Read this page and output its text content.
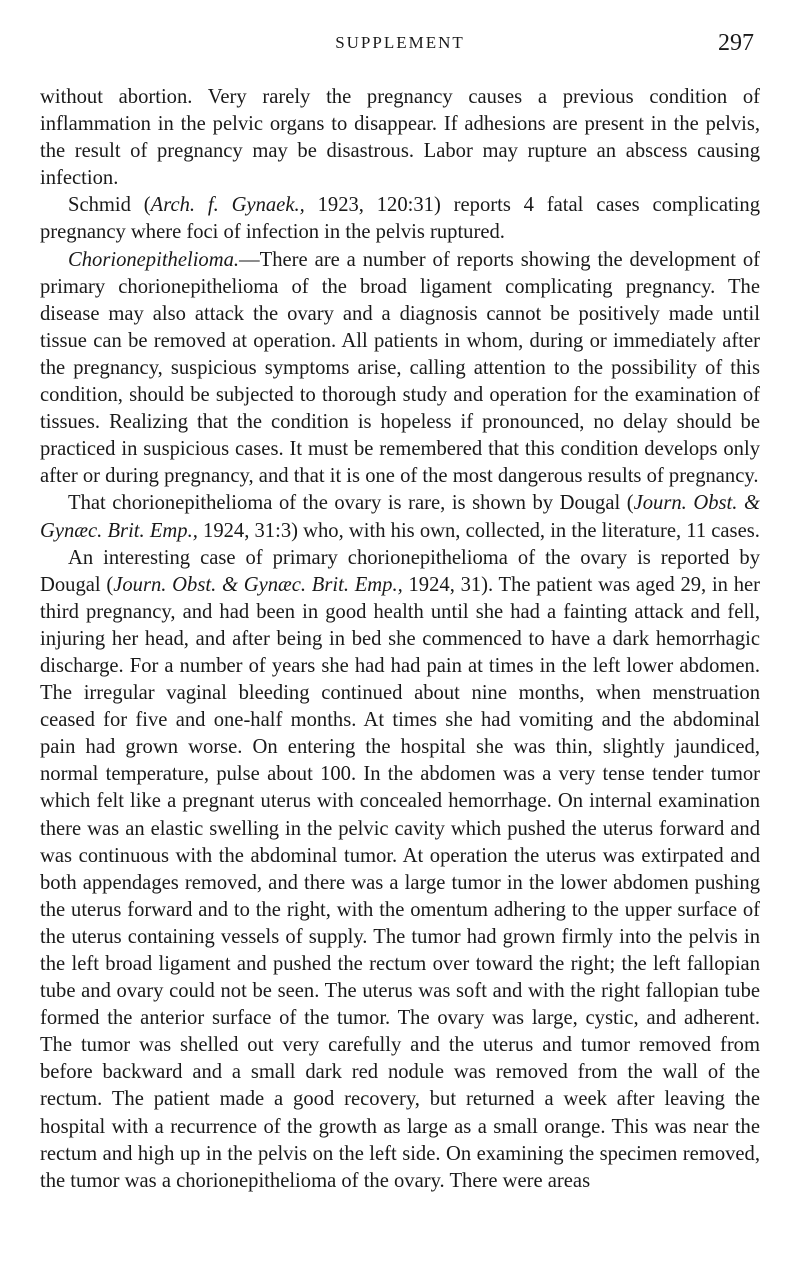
SUPPLEMENT	297

without abortion. Very rarely the pregnancy causes a previous condition of inflammation in the pelvic organs to disappear. If adhesions are present in the pelvis, the result of pregnancy may be disastrous. Labor may rupture an abscess causing infection.

Schmid (Arch. f. Gynaek., 1923, 120:31) reports 4 fatal cases complicating pregnancy where foci of infection in the pelvis ruptured.

Chorionepithelioma.—There are a number of reports showing the development of primary chorionepithelioma of the broad ligament complicating pregnancy. The disease may also attack the ovary and a diagnosis cannot be positively made until tissue can be removed at operation. All patients in whom, during or immediately after the pregnancy, suspicious symptoms arise, calling attention to the possibility of this condition, should be subjected to thorough study and operation for the examination of tissues. Realizing that the condition is hopeless if pronounced, no delay should be practiced in suspicious cases. It must be remembered that this condition develops only after or during pregnancy, and that it is one of the most dangerous results of pregnancy.

That chorionepithelioma of the ovary is rare, is shown by Dougal (Journ. Obst. & Gynæc. Brit. Emp., 1924, 31:3) who, with his own, collected, in the literature, 11 cases.

An interesting case of primary chorionepithelioma of the ovary is reported by Dougal (Journ. Obst. & Gynæc. Brit. Emp., 1924, 31). The patient was aged 29, in her third pregnancy, and had been in good health until she had a fainting attack and fell, injuring her head, and after being in bed she commenced to have a dark hemorrhagic discharge. For a number of years she had had pain at times in the left lower abdomen. The irregular vaginal bleeding continued about nine months, when menstruation ceased for five and one-half months. At times she had vomiting and the abdominal pain had grown worse. On entering the hospital she was thin, slightly jaundiced, normal temperature, pulse about 100. In the abdomen was a very tense tender tumor which felt like a pregnant uterus with concealed hemorrhage. On internal examination there was an elastic swelling in the pelvic cavity which pushed the uterus forward and was continuous with the abdominal tumor. At operation the uterus was extirpated and both appendages removed, and there was a large tumor in the lower abdomen pushing the uterus forward and to the right, with the omentum adhering to the upper surface of the uterus containing vessels of supply. The tumor had grown firmly into the pelvis in the left broad ligament and pushed the rectum over toward the right; the left fallopian tube and ovary could not be seen. The uterus was soft and with the right fallopian tube formed the anterior surface of the tumor. The ovary was large, cystic, and adherent. The tumor was shelled out very carefully and the uterus and tumor removed from before backward and a small dark red nodule was removed from the wall of the rectum. The patient made a good recovery, but returned a week after leaving the hospital with a recurrence of the growth as large as a small orange. This was near the rectum and high up in the pelvis on the left side. On examining the specimen removed, the tumor was a chorionepithelioma of the ovary. There were areas
